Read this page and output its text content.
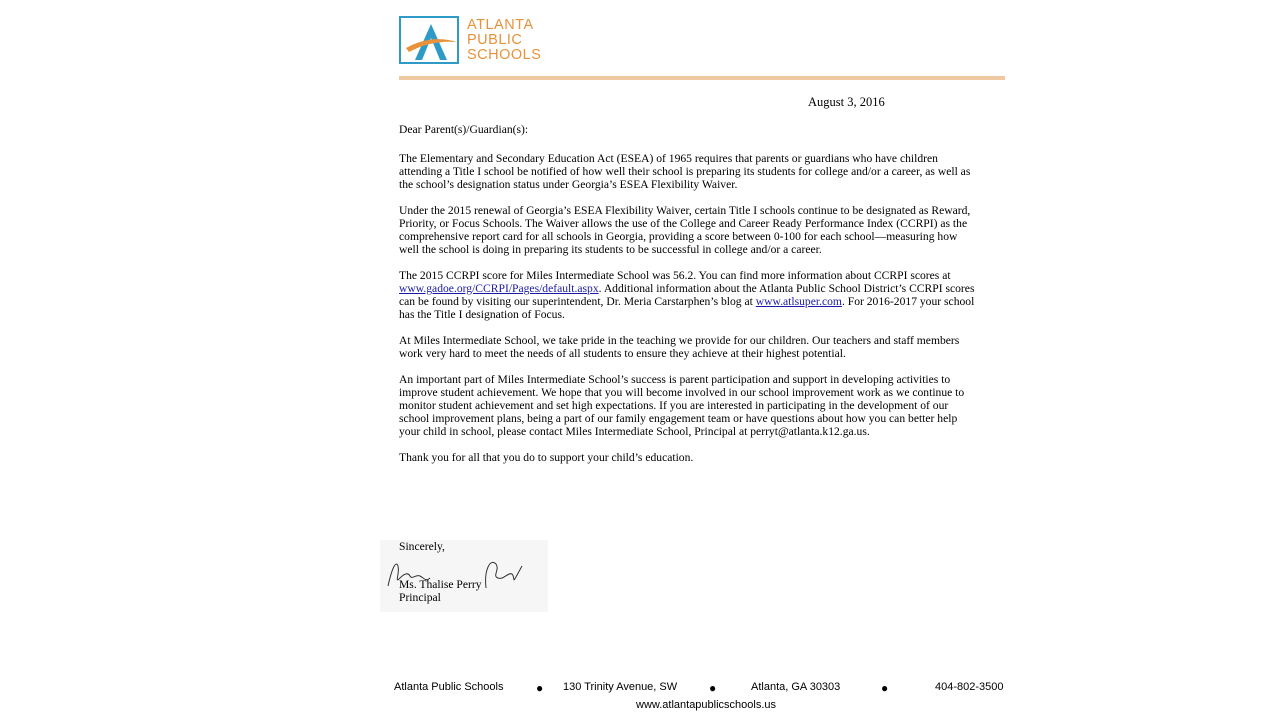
ATLANTA
PUBLIC
SCHOOLS
August 3, 2016

Dear Parent(s)/Guardian(s):

The Elementary and Secondary Education Act (ESEA) of 1965 requires that parents or guardians who have children attending a Title I school be notified of how well their school is preparing its students for college and/or a career, as well as the school’s designation status under Georgia’s ESEA Flexibility Waiver.

Under the 2015 renewal of Georgia’s ESEA Flexibility Waiver, certain Title I schools continue to be designated as Reward, Priority, or Focus Schools. The Waiver allows the use of the College and Career Ready Performance Index (CCRPI) as the comprehensive report card for all schools in Georgia, providing a score between 0-100 for each school—measuring how well the school is doing in preparing its students to be successful in college and/or a career.

The 2015 CCRPI score for Miles Intermediate School was 56.2. You can find more information about CCRPI scores at www.gadoe.org/CCRPI/Pages/default.aspx. Additional information about the Atlanta Public School District’s CCRPI scores can be found by visiting our superintendent, Dr. Meria Carstarphen’s blog at www.atlsuper.com. For 2016-2017 your school has the Title I designation of Focus.

At Miles Intermediate School, we take pride in the teaching we provide for our children. Our teachers and staff members work very hard to meet the needs of all students to ensure they achieve at their highest potential.

An important part of Miles Intermediate School’s success is parent participation and support in developing activities to improve student achievement. We hope that you will become involved in our school improvement work as we continue to monitor student achievement and set high expectations. If you are interested in participating in the development of our school improvement plans, being a part of our family engagement team or have questions about how you can better help your child in school, please contact Miles Intermediate School, Principal at perryt@atlanta.k12.ga.us.

Thank you for all that you do to support your child’s education.

Sincerely,
Ms. Thalise Perry
Principal
Atlanta Public Schools	● 130 Trinity Avenue, SW	●	Atlanta, GA 30303	●	404-802-3500
www.atlantapublicschools.us
